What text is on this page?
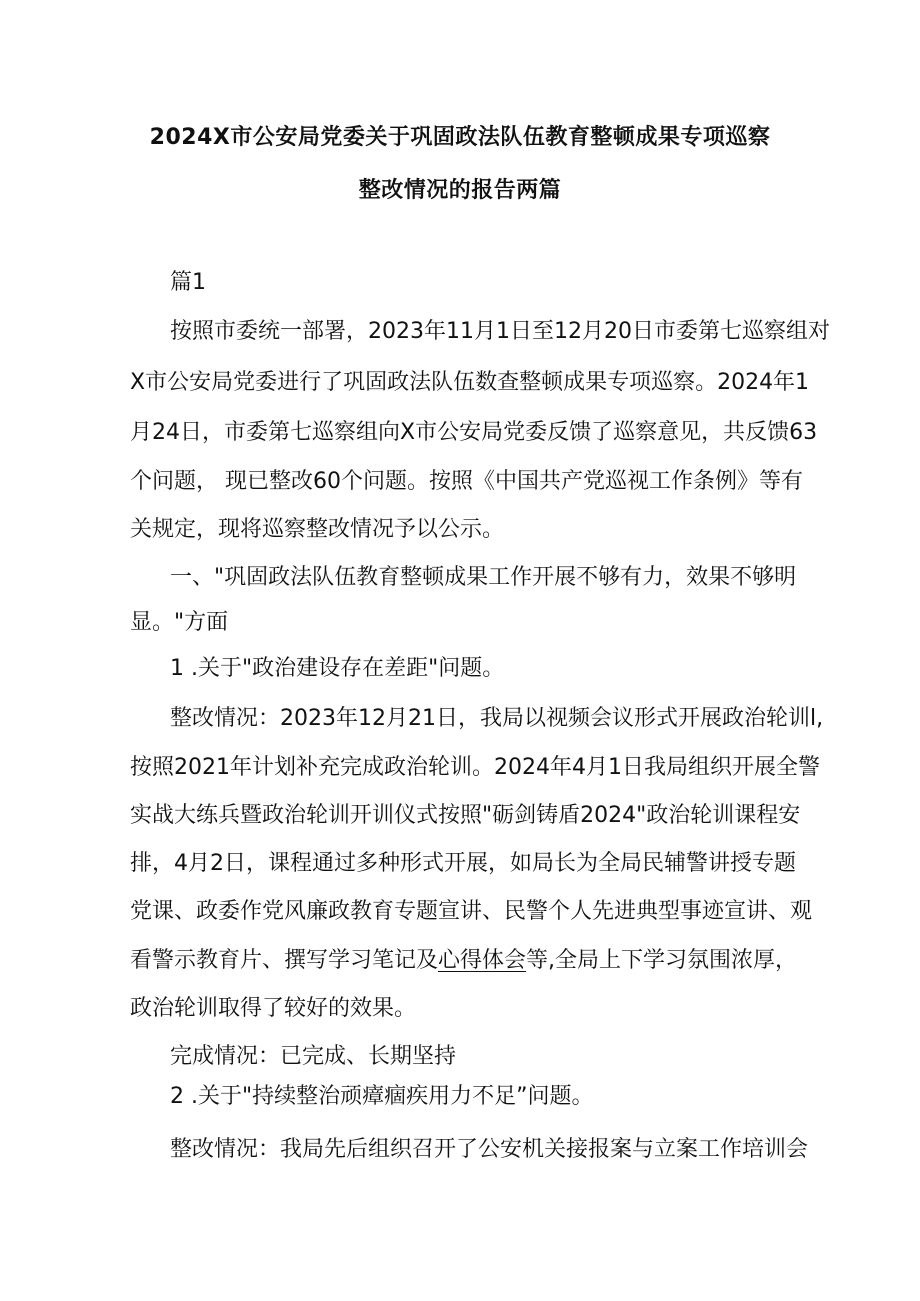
2024X市公安局党委关于巩固政法队伍教育整顿成果专项巡察
整改情况的报告两篇
篇1
按照市委统一部署，2023年11月1日至12月20日市委第七巡察组对
X市公安局党委进行了巩固政法队伍数查整顿成果专项巡察。2024年1
月24日，市委第七巡察组向X市公安局党委反馈了巡察意见，共反馈63
个问题， 现已整改60个问题。按照《中国共产党巡视工作条例》等有
关规定，现将巡察整改情况予以公示。
一、"巩固政法队伍教育整顿成果工作开展不够有力，效果不够明
显。"方面
1 .关于"政治建设存在差距"问题。
整改情况：2023年12月21日，我局以视频会议形式开展政治轮训l,
按照2021年计划补充完成政治轮训。2024年4月1日我局组织开展全警
实战大练兵暨政治轮训开训仪式按照"砺剑铸盾2024"政治轮训课程安
排，4月2日，课程通过多种形式开展，如局长为全局民辅警讲授专题
党课、政委作党风廉政教育专题宣讲、民警个人先进典型事迹宣讲、观
看警示教育片、撰写学习笔记及心得体会等,全局上下学习氛围浓厚，
政治轮训取得了较好的效果。
完成情况：已完成、长期坚持
2 .关于"持续整治顽瘴痼疾用力不足”问题。
整改情况：我局先后组织召开了公安机关接报案与立案工作培训会
